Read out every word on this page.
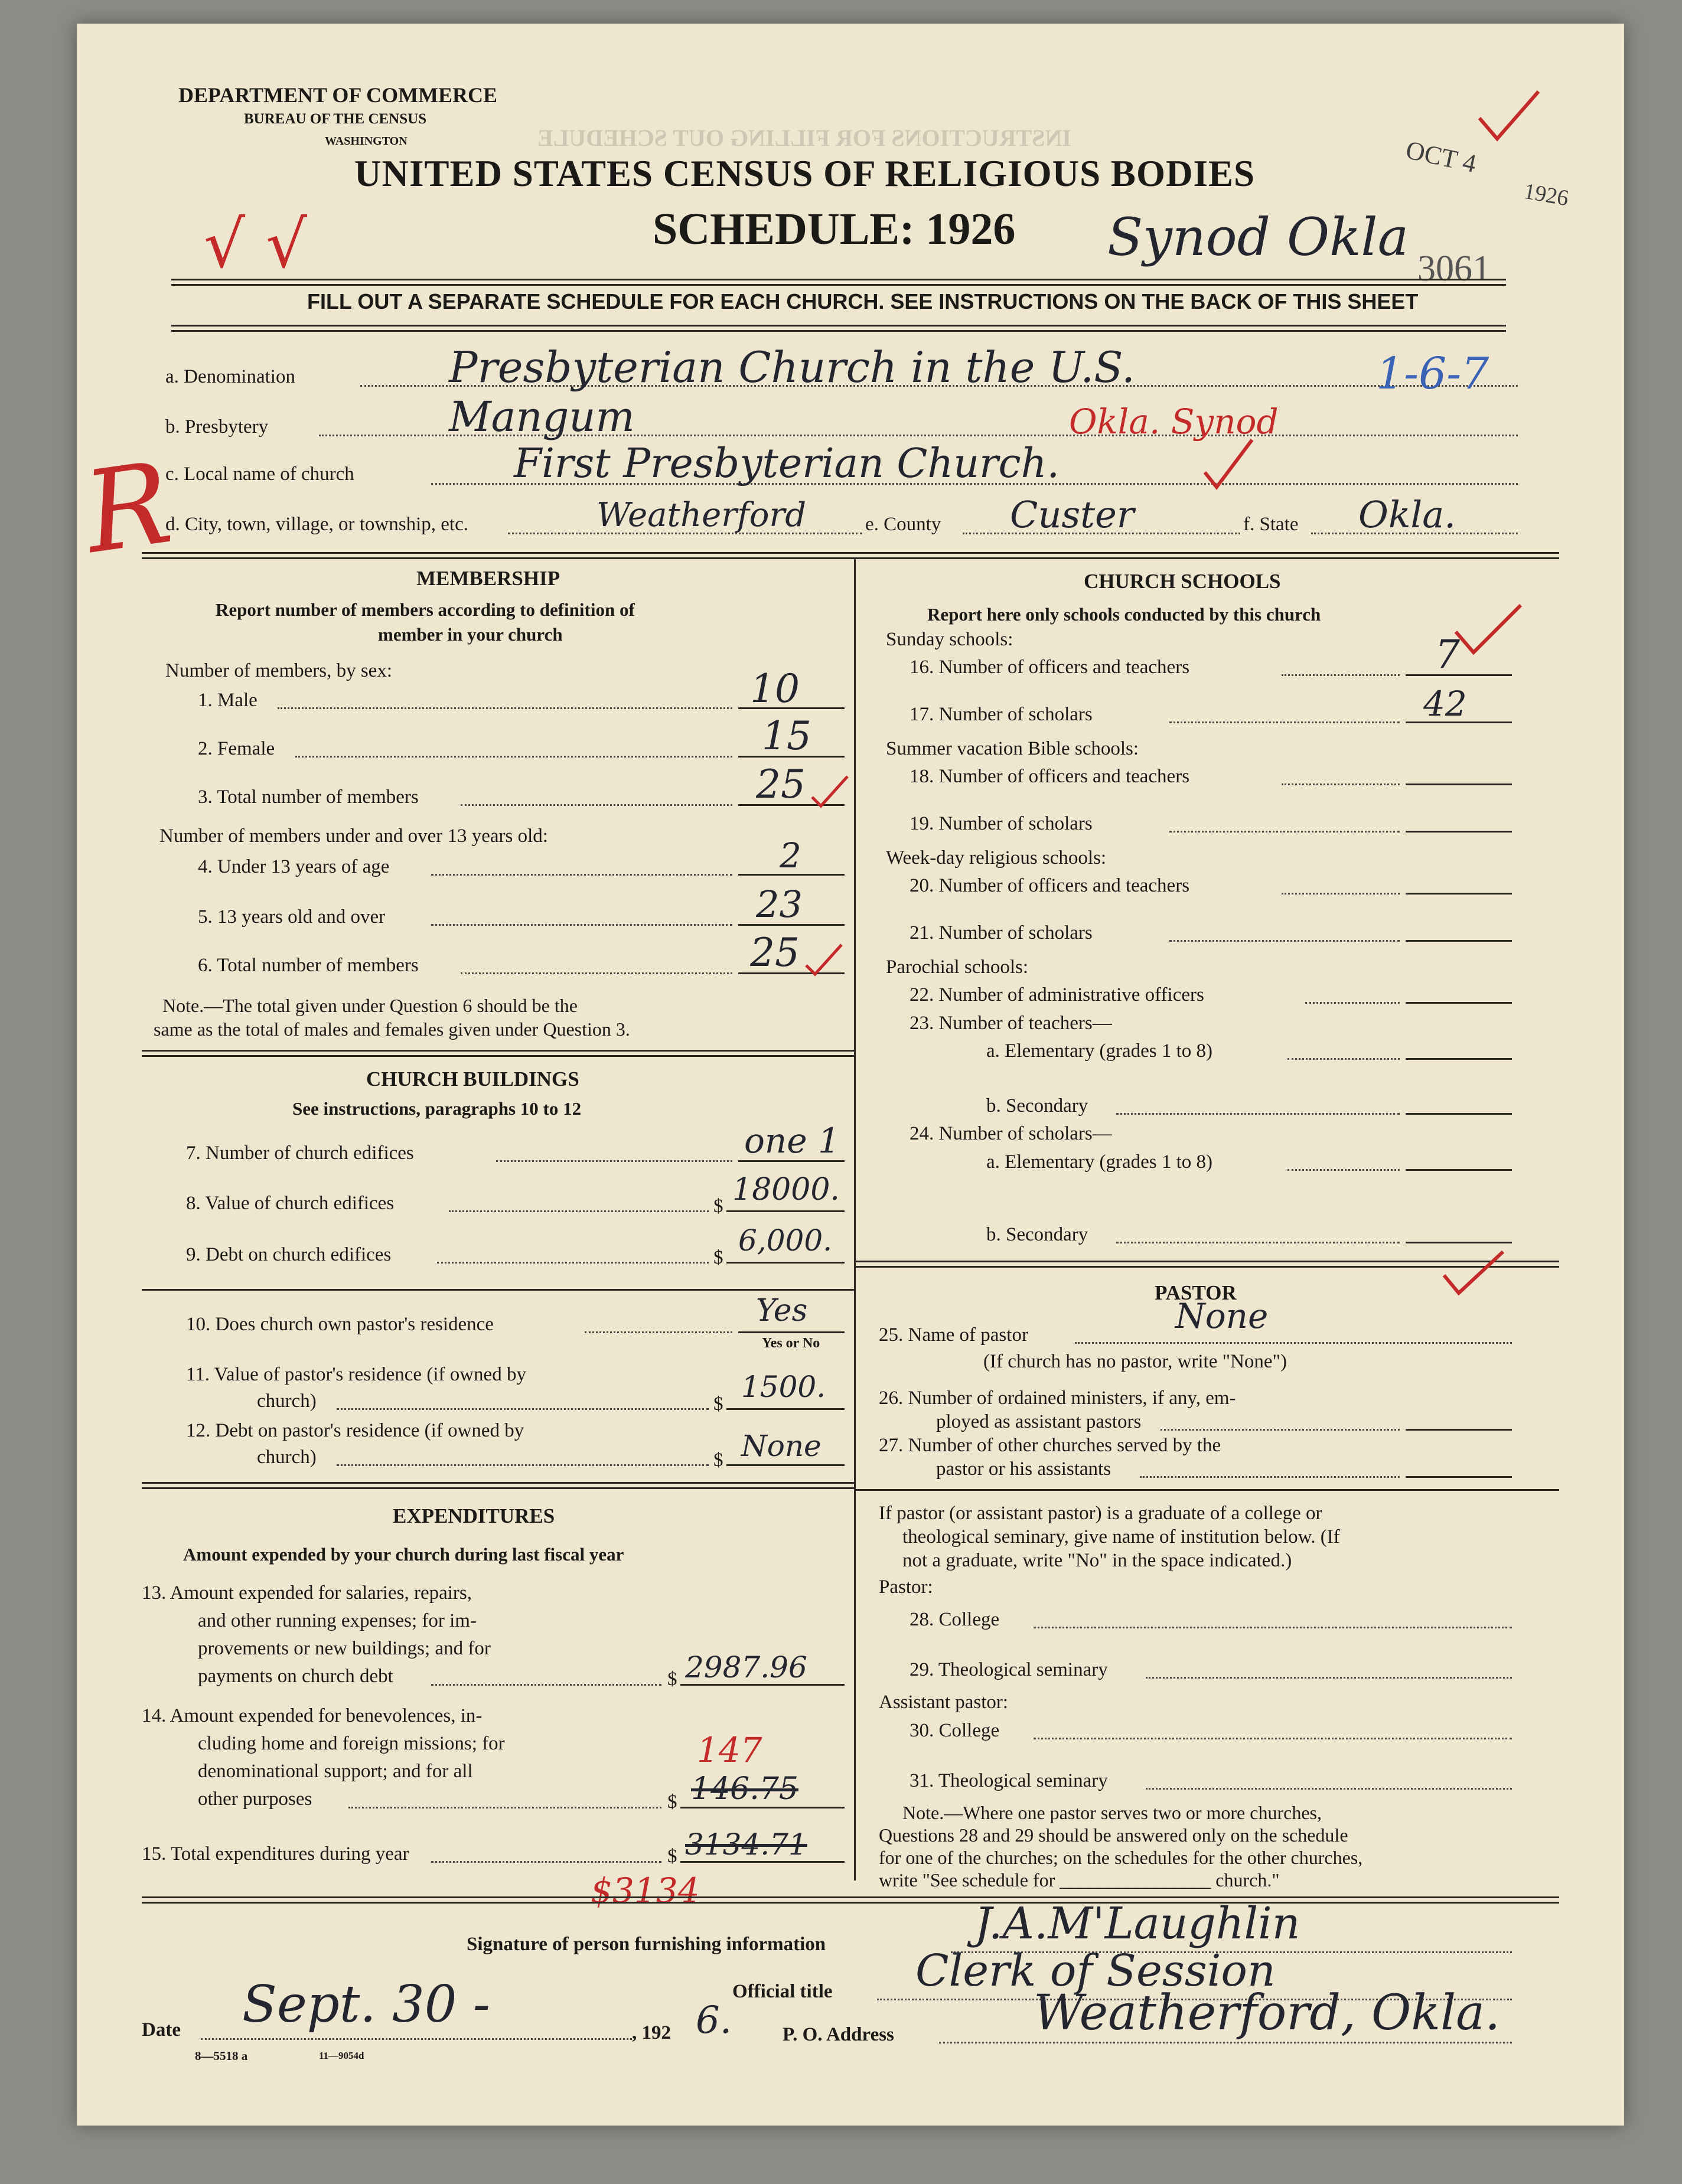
INSTRUCTIONS FOR FILLING OUT SCHEDULE
DEPARTMENT OF COMMERCE
BUREAU OF THE CENSUS
WASHINGTON
√ √
UNITED STATES CENSUS OF RELIGIOUS BODIES
SCHEDULE: 1926 Synod Okla
3061
OCT 4
1926
FILL OUT A SEPARATE SCHEDULE FOR EACH CHURCH. SEE INSTRUCTIONS ON THE BACK OF THIS SHEET
a. Denomination	Presbyterian Church in the U.S.	1-6-7
b. Presbytery	Mangum	Okla. Synod
c. Local name of church	First Presbyterian Church.
d. City, town, village, or township, etc.	Weatherford	e. County Custer	f. State Okla.
R	MEMBERSHIP
Report number of members according to definition of
member in your church
Number of members, by sex:
1. Male	10
2. Female	15
3. Total number of members	25
Number of members under and over 13 years old:
4. Under 13 years of age	2
5. 13 years old and over	23
6. Total number of members	25
Note.—The total given under Question 6 should be the
same as the total of males and females given under Question 3.
CHURCH BUILDINGS
See instructions, paragraphs 10 to 12
7. Number of church edifices	one 1
8. Value of church edifices	$ 18000.
9. Debt on church edifices	$ 6,000.
10. Does church own pastor's residence	Yes
Yes or No
11. Value of pastor's residence (if owned by
church)	$ 1500.
12. Debt on pastor's residence (if owned by
church)	$ None
EXPENDITURES
Amount expended by your church during last fiscal year
13. Amount expended for salaries, repairs,
and other running expenses; for im-
provements or new buildings; and for
payments on church debt	$ 2987.96
14. Amount expended for benevolences, in-
cluding home and foreign missions; for
denominational support; and for all
other purposes	$ 146.75
147
15. Total expenditures during year	$ 3134.71
$3134
CHURCH SCHOOLS
Report here only schools conducted by this church
Sunday schools:
16. Number of officers and teachers	7
17. Number of scholars	42
Summer vacation Bible schools:
18. Number of officers and teachers
19. Number of scholars
Week-day religious schools:
20. Number of officers and teachers
21. Number of scholars
Parochial schools:
22. Number of administrative officers
23. Number of teachers—
a. Elementary (grades 1 to 8)
b. Secondary
24. Number of scholars—
a. Elementary (grades 1 to 8)
b. Secondary
PASTOR
25. Name of pastor	None
(If church has no pastor, write "None")
26. Number of ordained ministers, if any, em-
ployed as assistant pastors
27. Number of other churches served by the
pastor or his assistants
If pastor (or assistant pastor) is a graduate of a college or
theological seminary, give name of institution below. (If
not a graduate, write "No" in the space indicated.)
Pastor:
28. College
29. Theological seminary
Assistant pastor:
30. College
31. Theological seminary
Note.—Where one pastor serves two or more churches,
Questions 28 and 29 should be answered only on the schedule
for one of the churches; on the schedules for the other churches,
write "See schedule for ________________ church."
Signature of person furnishing information	J.A.M'Laughlin
Official title Clerk of Session
Date Sept. 30 -	, 192 6.	P. O. Address	Weatherford, Okla.
8—5518 a	11—9054d
